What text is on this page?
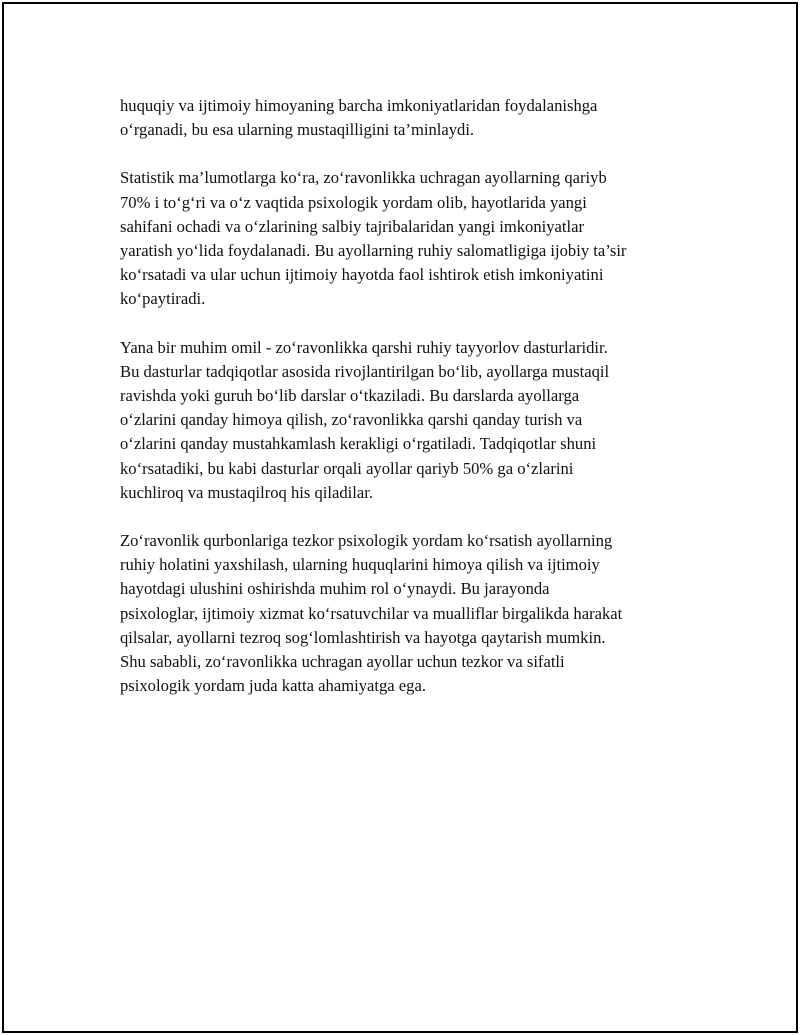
huquqiy va ijtimoiy himoyaning barcha imkoniyatlaridan foydalanishga
o‘rganadi, bu esa ularning mustaqilligini ta’minlaydi.

Statistik ma’lumotlarga ko‘ra, zo‘ravonlikka uchragan ayollarning qariyb
70% i to‘g‘ri va o‘z vaqtida psixologik yordam olib, hayotlarida yangi
sahifani ochadi va o‘zlarining salbiy tajribalaridan yangi imkoniyatlar
yaratish yo‘lida foydalanadi. Bu ayollarning ruhiy salomatligiga ijobiy ta’sir
ko‘rsatadi va ular uchun ijtimoiy hayotda faol ishtirok etish imkoniyatini
ko‘paytiradi.

Yana bir muhim omil - zo‘ravonlikka qarshi ruhiy tayyorlov dasturlaridir.
Bu dasturlar tadqiqotlar asosida rivojlantirilgan bo‘lib, ayollarga mustaqil
ravishda yoki guruh bo‘lib darslar o‘tkaziladi. Bu darslarda ayollarga
o‘zlarini qanday himoya qilish, zo‘ravonlikka qarshi qanday turish va
o‘zlarini qanday mustahkamlash kerakligi o‘rgatiladi. Tadqiqotlar shuni
ko‘rsatadiki, bu kabi dasturlar orqali ayollar qariyb 50% ga o‘zlarini
kuchliroq va mustaqilroq his qiladilar.

Zo‘ravonlik qurbonlariga tezkor psixologik yordam ko‘rsatish ayollarning
ruhiy holatini yaxshilash, ularning huquqlarini himoya qilish va ijtimoiy
hayotdagi ulushini oshirishda muhim rol o‘ynaydi. Bu jarayonda
psixologlar, ijtimoiy xizmat ko‘rsatuvchilar va mualliflar birgalikda harakat
qilsalar, ayollarni tezroq sog‘lomlashtirish va hayotga qaytarish mumkin.
Shu sababli, zo‘ravonlikka uchragan ayollar uchun tezkor va sifatli
psixologik yordam juda katta ahamiyatga ega.
